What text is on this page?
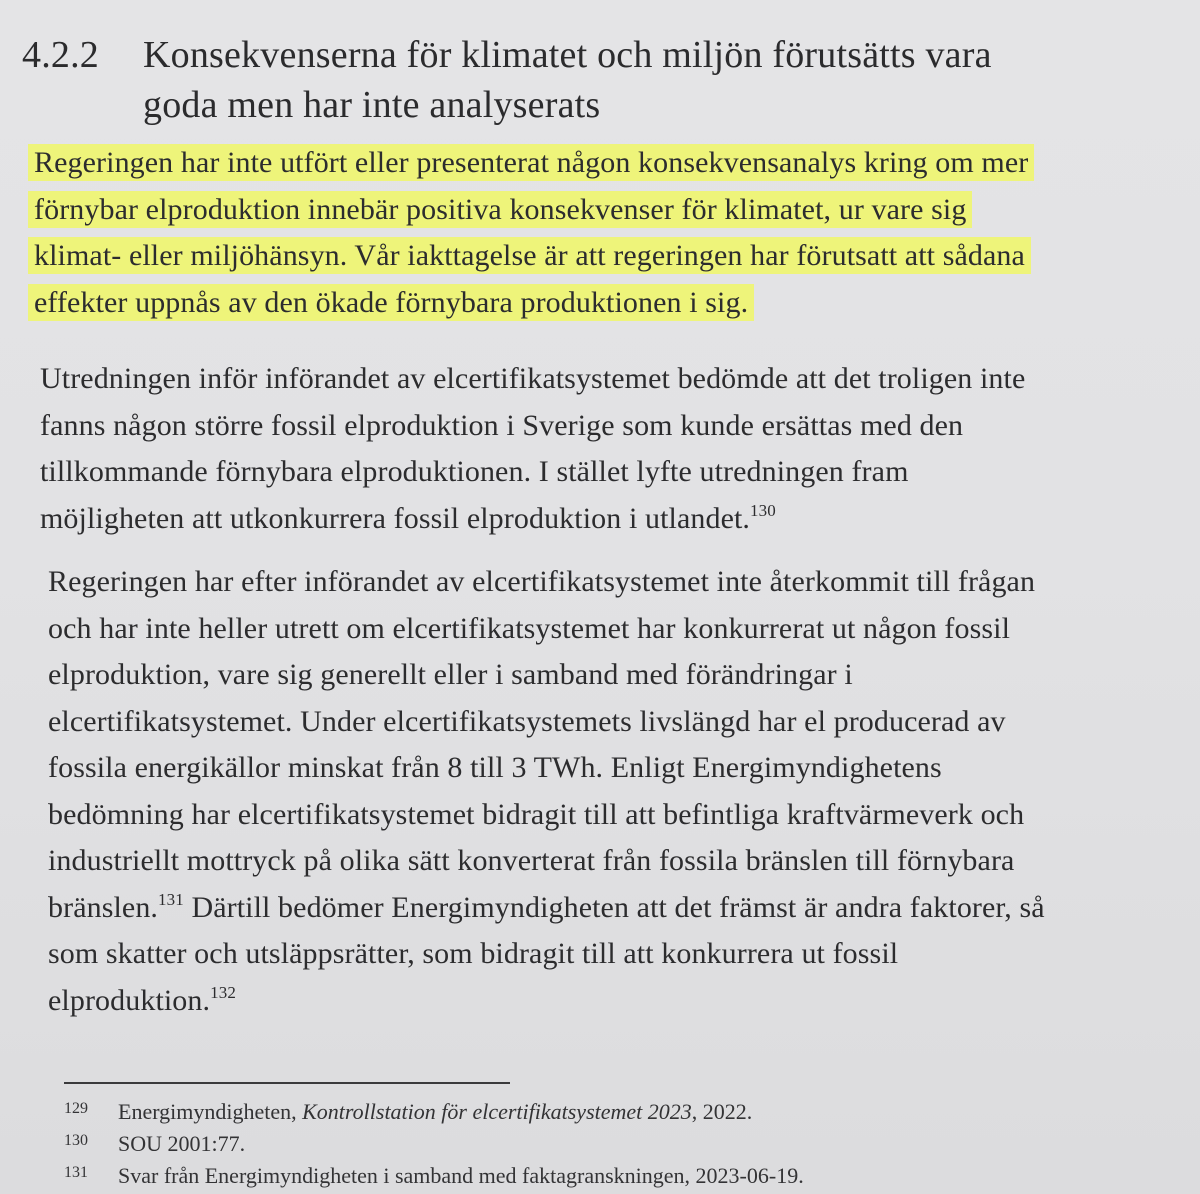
4.2.2 Konsekvenserna för klimatet och miljön förutsätts vara
goda men har inte analyserats
Regeringen har inte utfört eller presenterat någon konsekvensanalys kring om mer
förnybar elproduktion innebär positiva konsekvenser för klimatet, ur vare sig
klimat- eller miljöhänsyn. Vår iakttagelse är att regeringen har förutsatt att sådana
effekter uppnås av den ökade förnybara produktionen i sig.
Utredningen inför införandet av elcertifikatsystemet bedömde att det troligen inte
fanns någon större fossil elproduktion i Sverige som kunde ersättas med den
tillkommande förnybara elproduktionen. I stället lyfte utredningen fram
möjligheten att utkonkurrera fossil elproduktion i utlandet.$^{130}$
Regeringen har efter införandet av elcertifikatsystemet inte återkommit till frågan
och har inte heller utrett om elcertifikatsystemet har konkurrerat ut någon fossil
elproduktion, vare sig generellt eller i samband med förändringar i
elcertifikatsystemet. Under elcertifikatsystemets livslängd har el producerad av
fossila energikällor minskat från 8 till 3 TWh. Enligt Energimyndighetens
bedömning har elcertifikatsystemet bidragit till att befintliga kraftvärmeverk och
industriellt mottryck på olika sätt konverterat från fossila bränslen till förnybara
bränslen.$^{131}$ Därtill bedömer Energimyndigheten att det främst är andra faktorer, så
som skatter och utsläppsrätter, som bidragit till att konkurrera ut fossil
elproduktion.$^{132}$
129 Energimyndigheten, Kontrollstation för elcertifikatsystemet 2023, 2022.
130 SOU 2001:77.
131 Svar från Energimyndigheten i samband med faktagranskningen, 2023-06-19.
